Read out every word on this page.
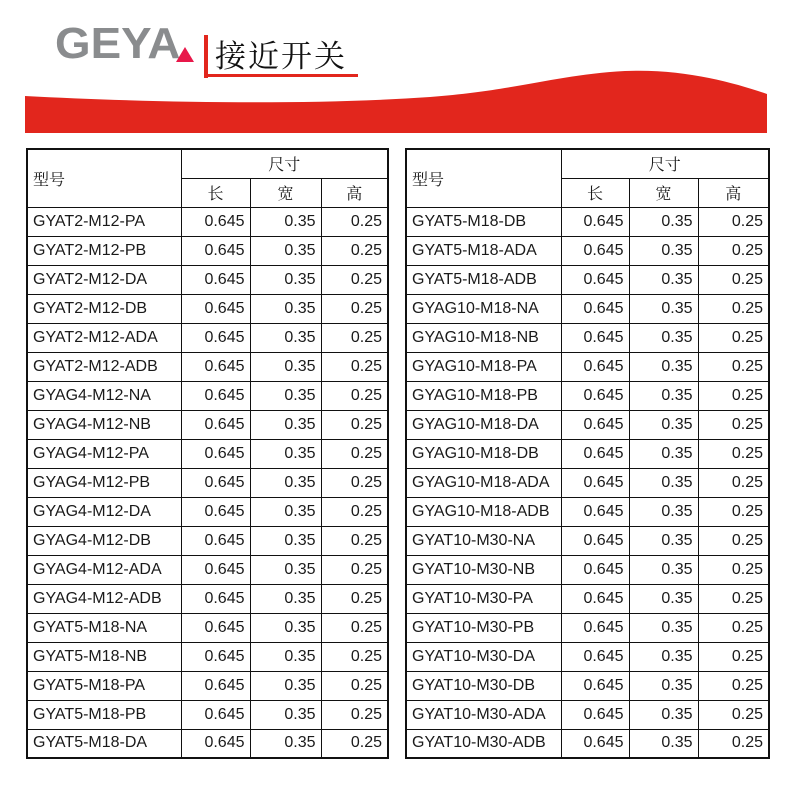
GEYA	接近开关
型号	尺寸		
	长	宽	高
GYAT2-M12-PA	0.645	0.35	0.25
GYAT2-M12-PB	0.645	0.35	0.25
GYAT2-M12-DA	0.645	0.35	0.25
GYAT2-M12-DB	0.645	0.35	0.25
GYAT2-M12-ADA	0.645	0.35	0.25
GYAT2-M12-ADB	0.645	0.35	0.25
GYAG4-M12-NA	0.645	0.35	0.25
GYAG4-M12-NB	0.645	0.35	0.25
GYAG4-M12-PA	0.645	0.35	0.25
GYAG4-M12-PB	0.645	0.35	0.25
GYAG4-M12-DA	0.645	0.35	0.25
GYAG4-M12-DB	0.645	0.35	0.25
GYAG4-M12-ADA	0.645	0.35	0.25
GYAG4-M12-ADB	0.645	0.35	0.25
GYAT5-M18-NA	0.645	0.35	0.25
GYAT5-M18-NB	0.645	0.35	0.25
GYAT5-M18-PA	0.645	0.35	0.25
GYAT5-M18-PB	0.645	0.35	0.25
GYAT5-M18-DA	0.645	0.35	0.25
型号	尺寸		
	长	宽	高
GYAT5-M18-DB	0.645	0.35	0.25
GYAT5-M18-ADA	0.645	0.35	0.25
GYAT5-M18-ADB	0.645	0.35	0.25
GYAG10-M18-NA	0.645	0.35	0.25
GYAG10-M18-NB	0.645	0.35	0.25
GYAG10-M18-PA	0.645	0.35	0.25
GYAG10-M18-PB	0.645	0.35	0.25
GYAG10-M18-DA	0.645	0.35	0.25
GYAG10-M18-DB	0.645	0.35	0.25
GYAG10-M18-ADA	0.645	0.35	0.25
GYAG10-M18-ADB	0.645	0.35	0.25
GYAT10-M30-NA	0.645	0.35	0.25
GYAT10-M30-NB	0.645	0.35	0.25
GYAT10-M30-PA	0.645	0.35	0.25
GYAT10-M30-PB	0.645	0.35	0.25
GYAT10-M30-DA	0.645	0.35	0.25
GYAT10-M30-DB	0.645	0.35	0.25
GYAT10-M30-ADA	0.645	0.35	0.25
GYAT10-M30-ADB	0.645	0.35	0.25
